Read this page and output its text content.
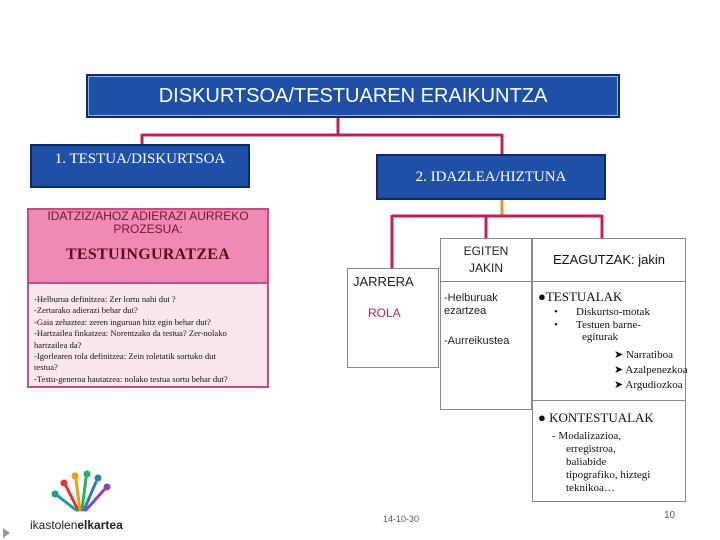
DISKURTSOA/TESTUAREN ERAIKUNTZA
1. TESTUA/DISKURTSOA
2. IDAZLEA/HIZTUNA
IDATZIZ/AHOZ ADIERAZI AURREKO PROZESUA:
TESTUINGURATZEA
-Helburua definitzea: Zer lortu nahi dut ?
-Zertarako adierazi behar dut?
-Gaia zehaztea: zeren inguruan hitz egin behar dut?
-Hartzailea finkatzea: Norentzako da testua? Zer-nolako
hartzailea da?
-Igorlearen rola definitzea: Zein roletatik sortuko dut
testua?
-Testu-generoa hautatzea: nolako testua sortu behar dut?
JARRERA
ROLA
EGITEN
JAKIN
-Helburuak
ezartzea
-Aurreikustea
EZAGUTZAK: jakin
●TESTUALAK
•	Diskurtso-motak
•	Testuen barne-
egiturak
➤ Narratiboa
➤ Azalpenezkoa
➤ Argudiozkoa
● KONTESTUALAK
- Modalizazioa,
erregistroa,
baliabide
tipografiko, hiztegi
teknikoa…
ikastolenelkartea	14-10-30	10
